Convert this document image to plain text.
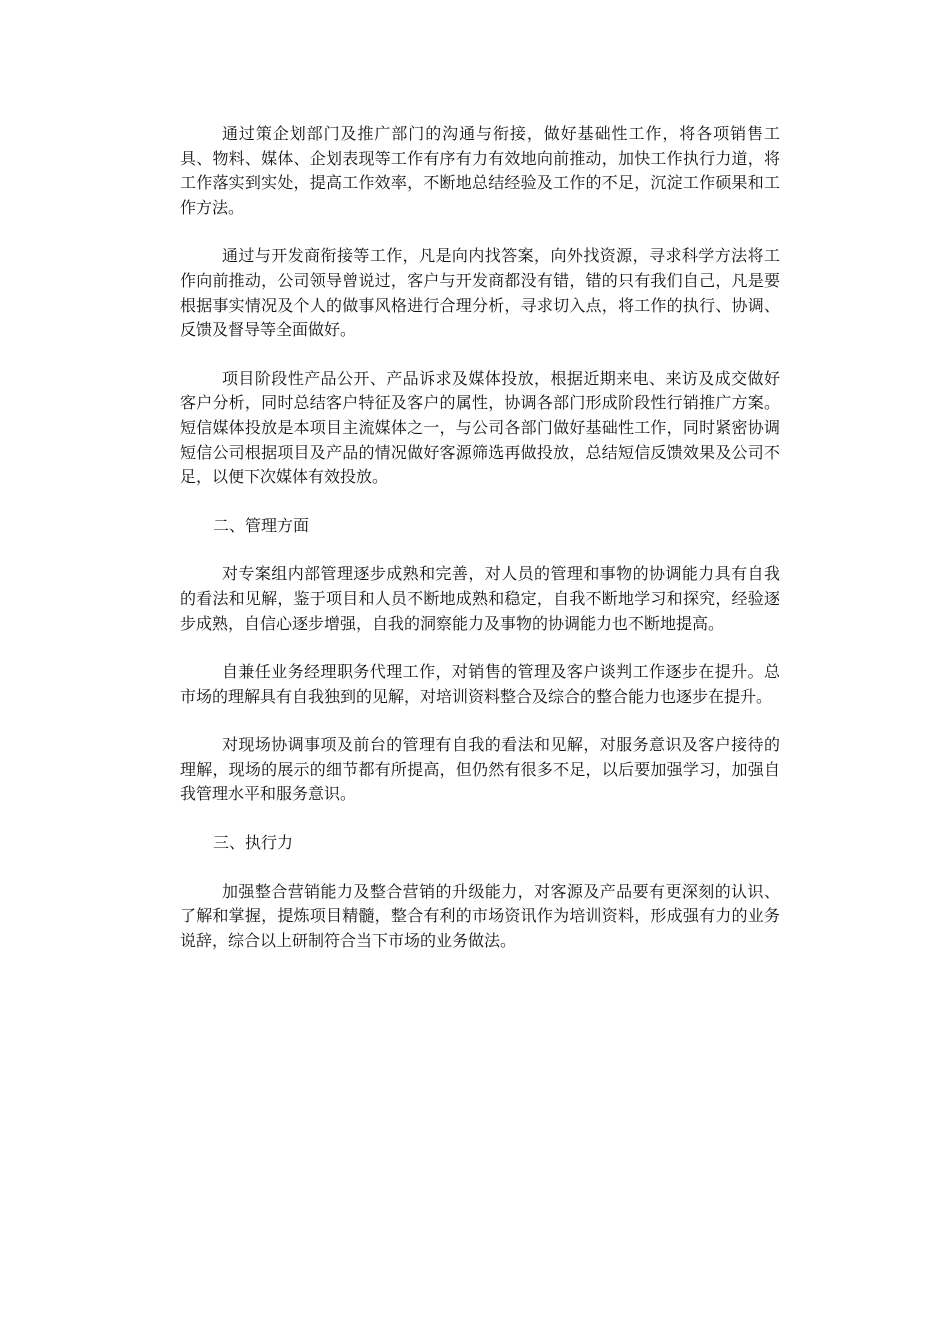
通过策企划部门及推广部门的沟通与衔接，做好基础性工作，将各项销售工具、物料、媒体、企划表现等工作有序有力有效地向前推动，加快工作执行力道，将工作落实到实处，提高工作效率，不断地总结经验及工作的不足，沉淀工作硕果和工作方法。

通过与开发商衔接等工作，凡是向内找答案，向外找资源，寻求科学方法将工作向前推动，公司领导曾说过，客户与开发商都没有错，错的只有我们自己，凡是要根据事实情况及个人的做事风格进行合理分析，寻求切入点，将工作的执行、协调、反馈及督导等全面做好。

项目阶段性产品公开、产品诉求及媒体投放，根据近期来电、来访及成交做好客户分析，同时总结客户特征及客户的属性，协调各部门形成阶段性行销推广方案。短信媒体投放是本项目主流媒体之一，与公司各部门做好基础性工作，同时紧密协调短信公司根据项目及产品的情况做好客源筛选再做投放，总结短信反馈效果及公司不足，以便下次媒体有效投放。

二、管理方面

对专案组内部管理逐步成熟和完善，对人员的管理和事物的协调能力具有自我的看法和见解，鉴于项目和人员不断地成熟和稳定，自我不断地学习和探究，经验逐步成熟，自信心逐步增强，自我的洞察能力及事物的协调能力也不断地提高。

自兼任业务经理职务代理工作，对销售的管理及客户谈判工作逐步在提升。总市场的理解具有自我独到的见解，对培训资料整合及综合的整合能力也逐步在提升。

对现场协调事项及前台的管理有自我的看法和见解，对服务意识及客户接待的理解，现场的展示的细节都有所提高，但仍然有很多不足，以后要加强学习，加强自我管理水平和服务意识。

三、执行力

加强整合营销能力及整合营销的升级能力，对客源及产品要有更深刻的认识、了解和掌握，提炼项目精髓，整合有利的市场资讯作为培训资料，形成强有力的业务说辞，综合以上研制符合当下市场的业务做法。
